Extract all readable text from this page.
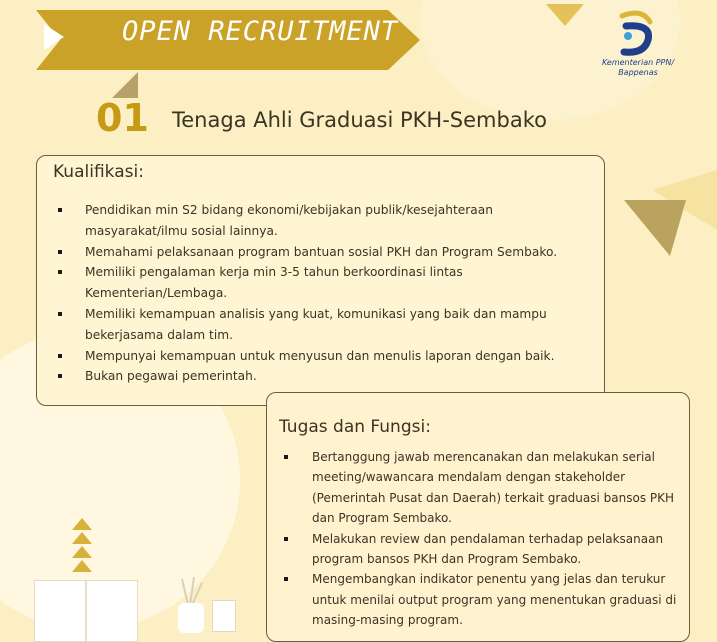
OPEN RECRUITMENT
Kementerian PPN/
Bappenas
01 Tenaga Ahli Graduasi PKH-Sembako
Kualifikasi:
Pendidikan min S2 bidang ekonomi/kebijakan publik/kesejahteraan masyarakat/ilmu sosial lainnya.
Memahami pelaksanaan program bantuan sosial PKH dan Program Sembako.
Memiliki pengalaman kerja min 3-5 tahun berkoordinasi lintas Kementerian/Lembaga.
Memiliki kemampuan analisis yang kuat, komunikasi yang baik dan mampu bekerjasama dalam tim.
Mempunyai kemampuan untuk menyusun dan menulis laporan dengan baik.
Bukan pegawai pemerintah.
Tugas dan Fungsi:
Bertanggung jawab merencanakan dan melakukan serial meeting/wawancara mendalam dengan stakeholder (Pemerintah Pusat dan Daerah) terkait graduasi bansos PKH dan Program Sembako.
Melakukan review dan pendalaman terhadap pelaksanaan program bansos PKH dan Program Sembako.
Mengembangkan indikator penentu yang jelas dan terukur untuk menilai output program yang menentukan graduasi di masing-masing program.
